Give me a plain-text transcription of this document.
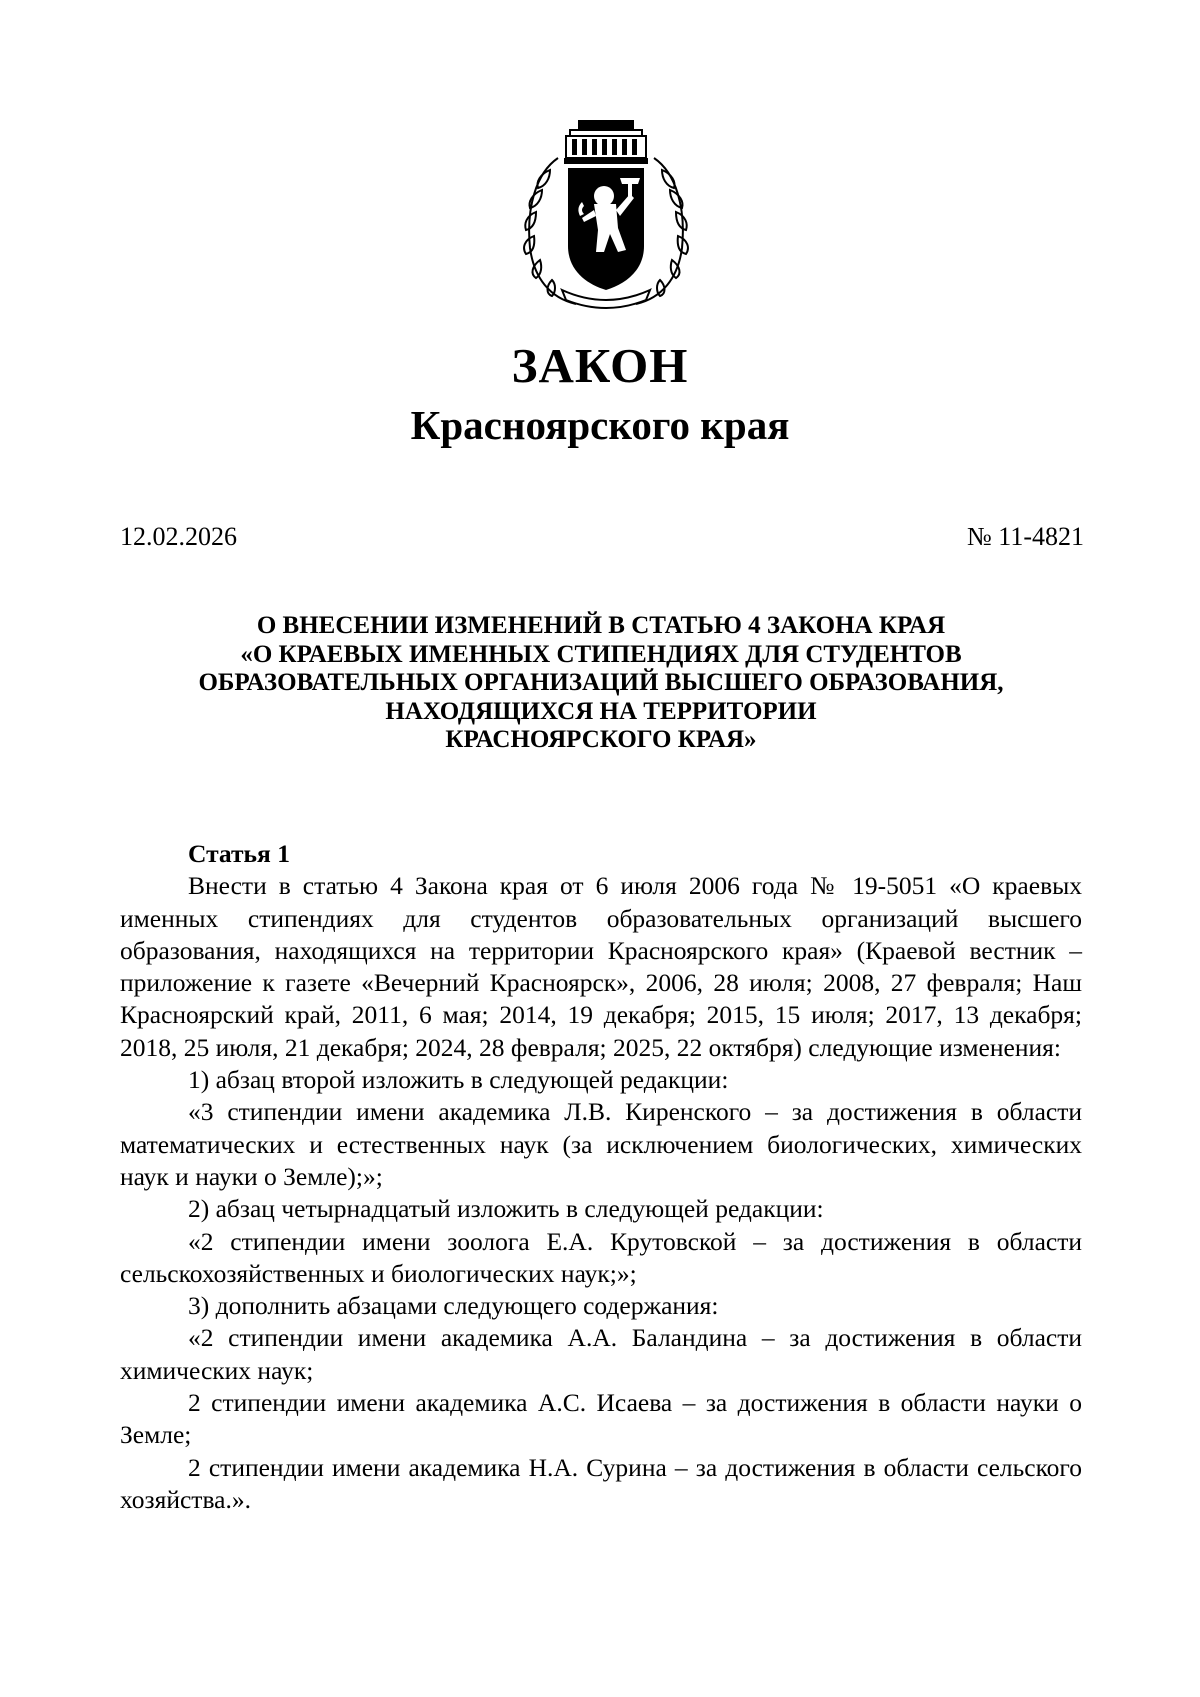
ЗАКОН
Красноярского края
12.02.2026	№ 11-4821
О ВНЕСЕНИИ ИЗМЕНЕНИЙ В СТАТЬЮ 4 ЗАКОНА КРАЯ
«О КРАЕВЫХ ИМЕННЫХ СТИПЕНДИЯХ ДЛЯ СТУДЕНТОВ
ОБРАЗОВАТЕЛЬНЫХ ОРГАНИЗАЦИЙ ВЫСШЕГО ОБРАЗОВАНИЯ,
НАХОДЯЩИХСЯ НА ТЕРРИТОРИИ
КРАСНОЯРСКОГО КРАЯ»
Статья 1

Внести в статью 4 Закона края от 6 июля 2006 года № 19-5051 «О краевых именных стипендиях для студентов образовательных организаций высшего образования, находящихся на территории Красноярского края» (Краевой вестник – приложение к газете «Вечерний Красноярск», 2006, 28 июля; 2008, 27 февраля; Наш Красноярский край, 2011, 6 мая; 2014, 19 декабря; 2015, 15 июля; 2017, 13 декабря; 2018, 25 июля, 21 декабря; 2024, 28 февраля; 2025, 22 октября) следующие изменения:

1) абзац второй изложить в следующей редакции:

«3 стипендии имени академика Л.В. Киренского – за достижения в области математических и естественных наук (за исключением биологических, химических наук и науки о Земле);»;

2) абзац четырнадцатый изложить в следующей редакции:

«2 стипендии имени зоолога Е.А. Крутовской – за достижения в области сельскохозяйственных и биологических наук;»;

3) дополнить абзацами следующего содержания:

«2 стипендии имени академика А.А. Баландина – за достижения в области химических наук;

2 стипендии имени академика А.С. Исаева – за достижения в области науки о Земле;

2 стипендии имени академика Н.А. Сурина – за достижения в области сельского хозяйства.».
